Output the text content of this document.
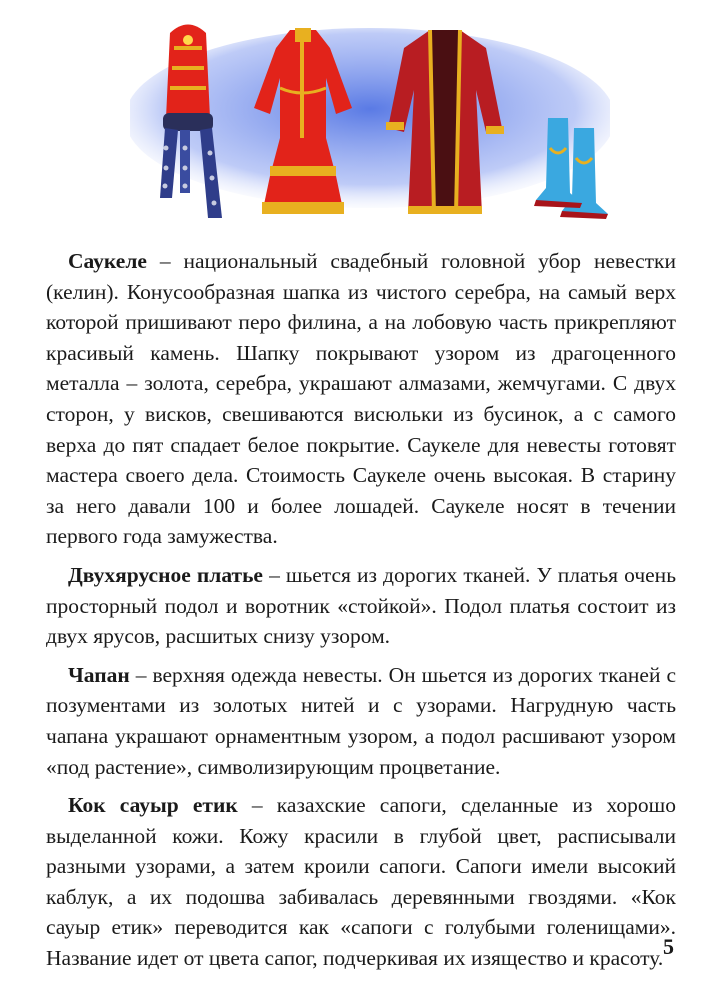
Саукеле – национальный свадебный головной убор невестки (келин). Конусообразная шапка из чистого серебра, на самый верх которой пришивают перо филина, а на лобовую часть прикрепляют красивый камень. Шапку покрывают узором из драгоценного металла – золота, серебра, украшают алмазами, жемчугами. С двух сторон, у висков, свешиваются висюльки из бусинок, а с самого верха до пят спадает белое покрытие. Саукеле для невесты готовят мастера своего дела. Стоимость Саукеле очень высокая. В старину за него давали 100 и более лошадей. Саукеле носят в течении первого года замужества.

Двухярусное платье – шьется из дорогих тканей. У платья очень просторный подол и воротник «стойкой». Подол платья состоит из двух ярусов, расшитых снизу узором.

Чапан – верхняя одежда невесты. Он шьется из дорогих тканей с позументами из золотых нитей и с узорами. Нагрудную часть чапана украшают орнаментным узором, а подол расшивают узором «под растение», символизирующим процветание.

Кок сауыр етик – казахские сапоги, сделанные из хорошо выделанной кожи. Кожу красили в глубой цвет, расписывали разными узорами, а затем кроили сапоги. Сапоги имели высокий каблук, а их подошва забивалась деревянными гвоздями. «Кок сауыр етик» переводится как «сапоги с голубыми голенищами». Название идет от цвета сапог, подчеркивая их изящество и красоту. 5
